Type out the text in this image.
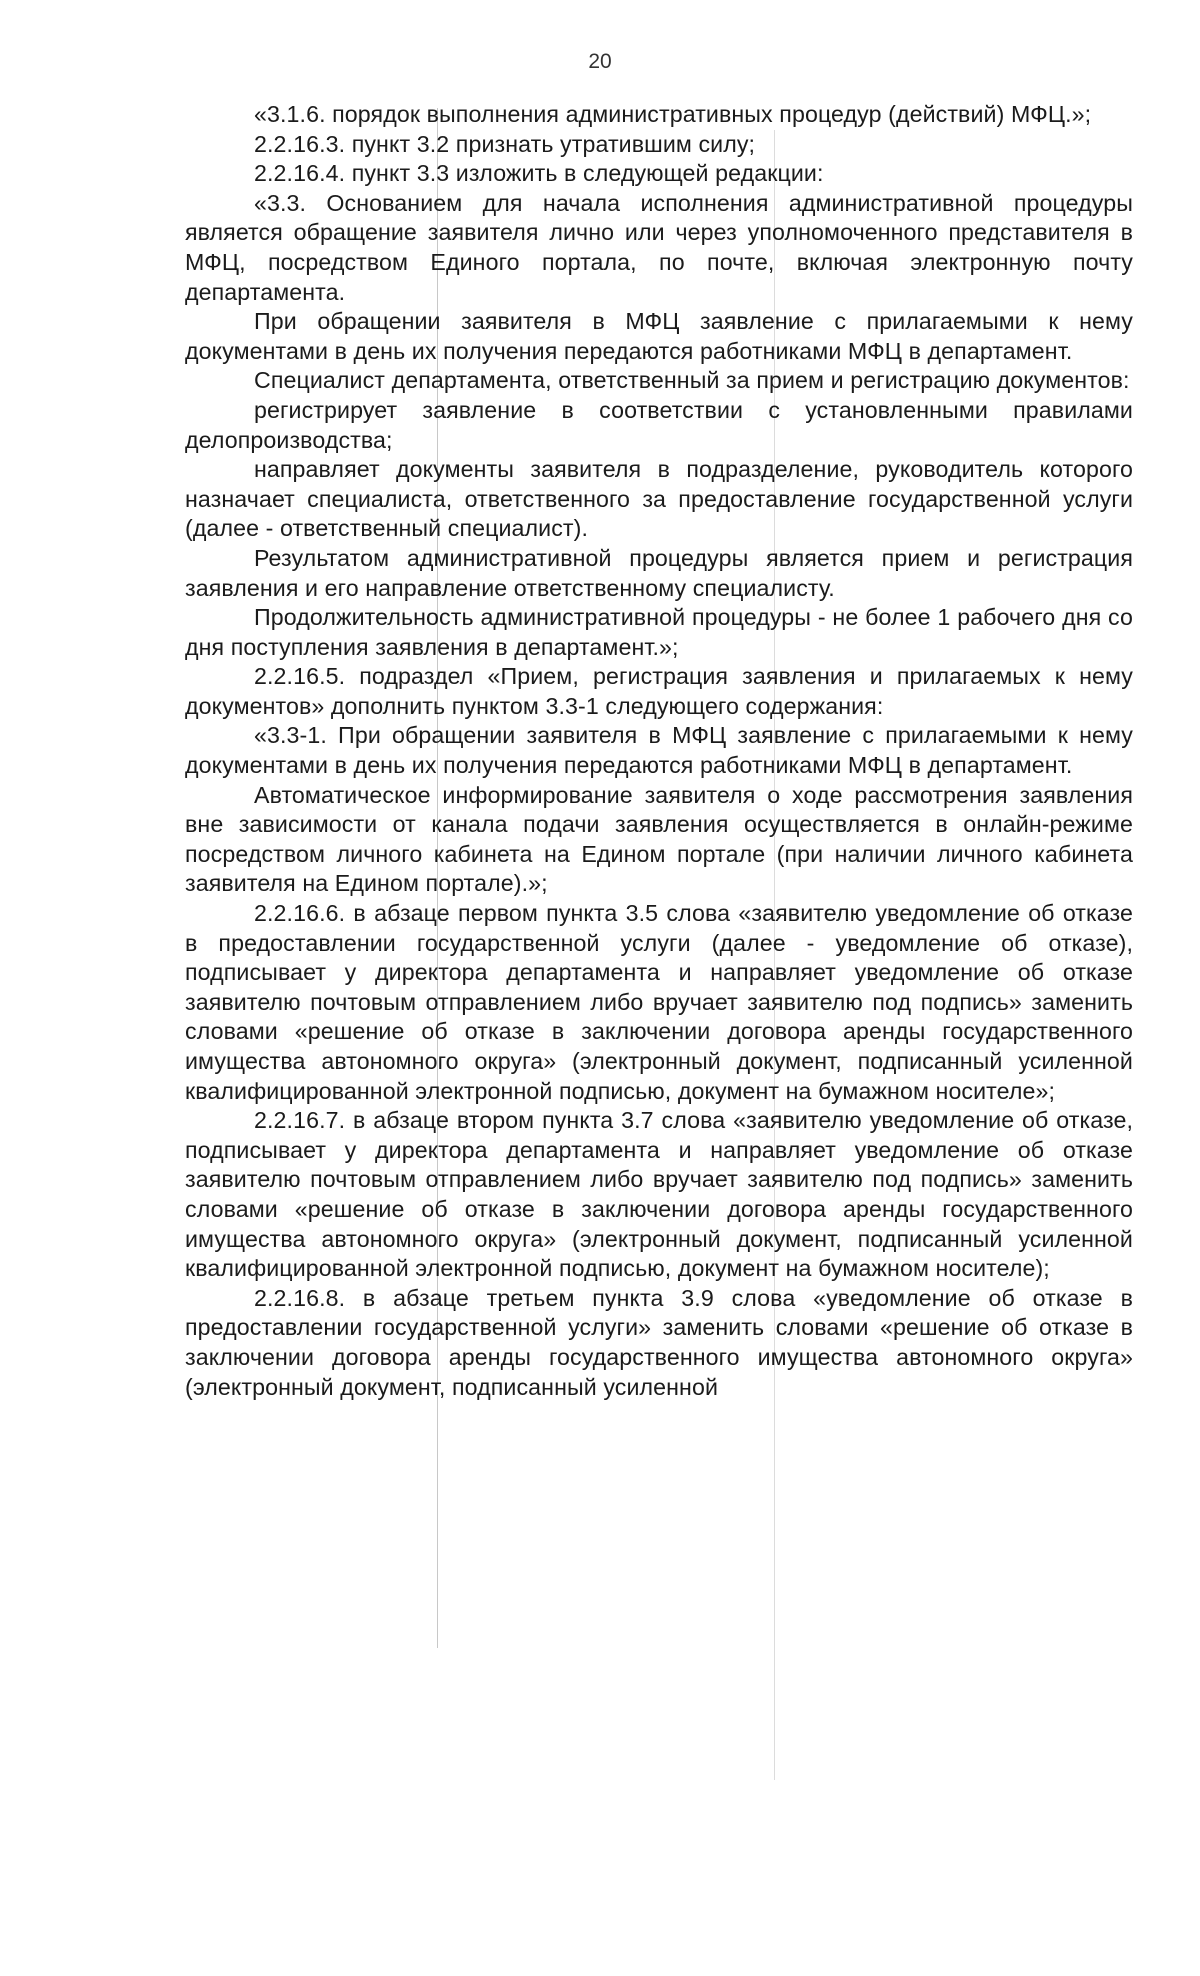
20

«3.1.6. порядок выполнения административных процедур (действий) МФЦ.»;

2.2.16.3. пункт 3.2 признать утратившим силу;

2.2.16.4. пункт 3.3 изложить в следующей редакции:

«3.3. Основанием для начала исполнения административной процедуры является обращение заявителя лично или через уполномоченного представителя в МФЦ, посредством Единого портала, по почте, включая электронную почту департамента.

При обращении заявителя в МФЦ заявление с прилагаемыми к нему документами в день их получения передаются работниками МФЦ в департамент.

Специалист департамента, ответственный за прием и регистрацию документов:

регистрирует заявление в соответствии с установленными правилами делопроизводства;

направляет документы заявителя в подразделение, руководитель которого назначает специалиста, ответственного за предоставление государственной услуги (далее - ответственный специалист).

Результатом административной процедуры является прием и регистрация заявления и его направление ответственному специалисту.

Продолжительность административной процедуры - не более 1 рабочего дня со дня поступления заявления в департамент.»;

2.2.16.5. подраздел «Прием, регистрация заявления и прилагаемых к нему документов» дополнить пунктом 3.3-1 следующего содержания:

«3.3-1. При обращении заявителя в МФЦ заявление с прилагаемыми к нему документами в день их получения передаются работниками МФЦ в департамент.

Автоматическое информирование заявителя о ходе рассмотрения заявления вне зависимости от канала подачи заявления осуществляется в онлайн-режиме посредством личного кабинета на Едином портале (при наличии личного кабинета заявителя на Едином портале).»;

2.2.16.6. в абзаце первом пункта 3.5 слова «заявителю уведомление об отказе в предоставлении государственной услуги (далее - уведомление об отказе), подписывает у директора департамента и направляет уведомление об отказе заявителю почтовым отправлением либо вручает заявителю под подпись» заменить словами «решение об отказе в заключении договора аренды государственного имущества автономного округа» (электронный документ, подписанный усиленной квалифицированной электронной подписью, документ на бумажном носителе»;

2.2.16.7. в абзаце втором пункта 3.7 слова «заявителю уведомление об отказе, подписывает у директора департамента и направляет уведомление об отказе заявителю почтовым отправлением либо вручает заявителю под подпись» заменить словами «решение об отказе в заключении договора аренды государственного имущества автономного округа» (электронный документ, подписанный усиленной квалифицированной электронной подписью, документ на бумажном носителе);

2.2.16.8. в абзаце третьем пункта 3.9 слова «уведомление об отказе в предоставлении государственной услуги» заменить словами «решение об отказе в заключении договора аренды государственного имущества автономного округа» (электронный документ, подписанный усиленной
